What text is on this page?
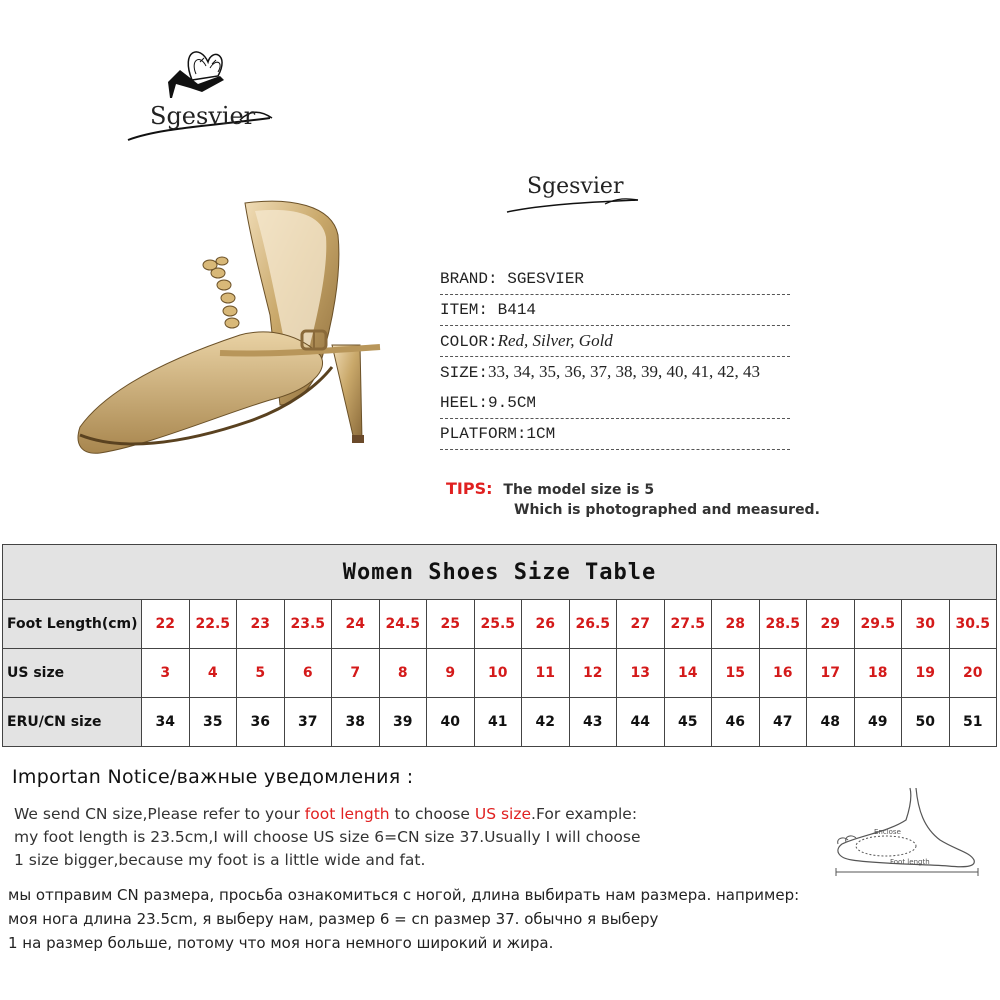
Sgesvier
Sgesvier
BRAND: SGESVIER
ITEM: B414
COLOR:Red, Silver, Gold
SIZE:33, 34, 35, 36, 37, 38, 39, 40, 41, 42, 43
HEEL:9.5CM
PLATFORM:1CM
TIPS: The model size is 5
Which is photographed and measured.
Women Shoes Size Table																		
Foot Length(cm)	22	22.5	23	23.5	24	24.5	25	25.5	26	26.5	27	27.5	28	28.5	29	29.5	30	30.5
US size	3	4	5	6	7	8	9	10	11	12	13	14	15	16	17	18	19	20
ERU/CN size	34	35	36	37	38	39	40	41	42	43	44	45	46	47	48	49	50	51
Importan Notice/важные уведомления :
We send CN size,Please refer to your foot length to choose US size.For example:
my foot length is 23.5cm,I will choose US size 6=CN size 37.Usually I will choose
1 size bigger,because my foot is a little wide and fat.
мы отправим CN размера, просьба ознакомиться с ногой, длина выбирать нам размера. например:
моя нога длина 23.5cm, я выберу нам, размер 6 = cn размер 37. обычно я выберу
1 на размер больше, потому что моя нога немного широкий и жира.
Enclose
Foot length
